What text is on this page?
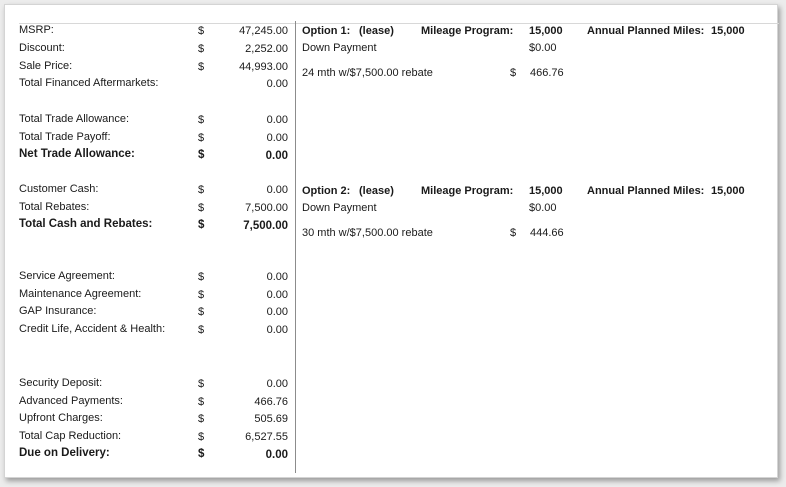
MSRP:	$	47,245.00
Discount:	$	2,252.00
Sale Price:	$	44,993.00
Total Financed Aftermarkets:	0.00
Total Trade Allowance:	$	0.00
Total Trade Payoff:	$	0.00
Net Trade Allowance:	$	0.00
Customer Cash:	$	0.00
Total Rebates:	$	7,500.00
Total Cash and Rebates:	$	7,500.00
Service Agreement:	$	0.00
Maintenance Agreement:	$	0.00
GAP Insurance:	$	0.00
Credit Life, Accident & Health:	$	0.00
Security Deposit:	$	0.00
Advanced Payments:	$	466.76
Upfront Charges:	$	505.69
Total Cap Reduction:	$	6,527.55
Due on Delivery:	$	0.00
Option 1: (lease) Mileage Program: 15,000 Annual Planned Miles: 15,000
Down Payment	$0.00
24 mth w/$7,500.00 rebate	$ 466.76
Option 2: (lease) Mileage Program: 15,000 Annual Planned Miles: 15,000
Down Payment	$0.00
30 mth w/$7,500.00 rebate	$ 444.66
